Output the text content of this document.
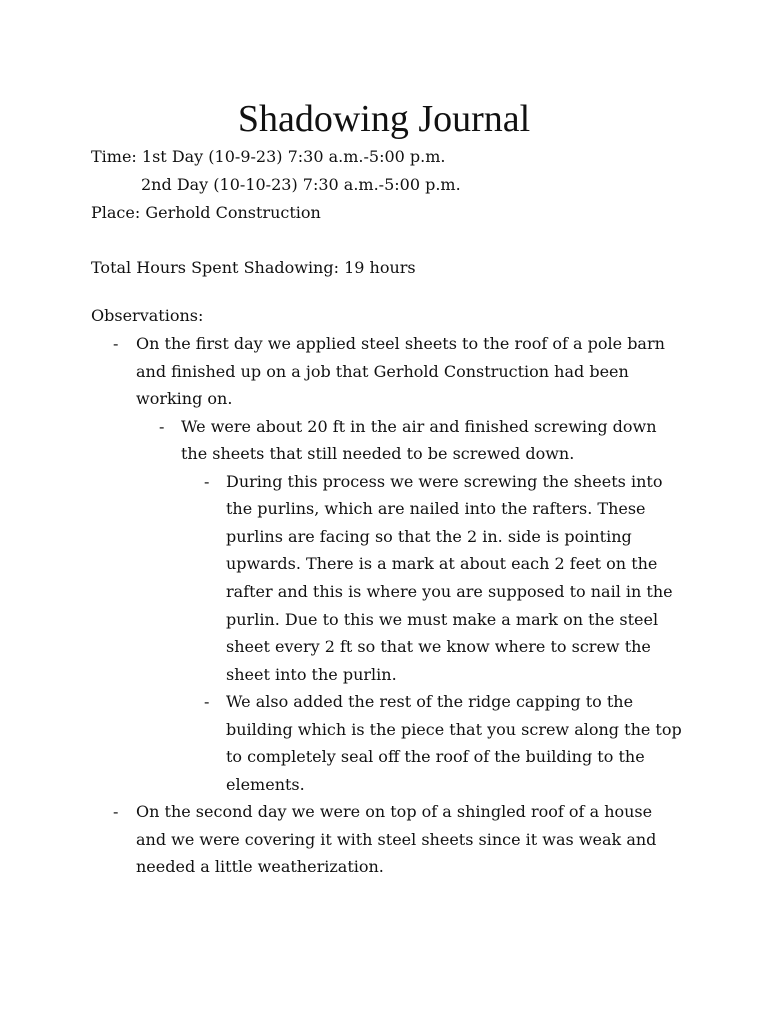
Shadowing Journal

Time: 1st Day (10-9-23) 7:30 a.m.-5:00 p.m.

2nd Day (10-10-23) 7:30 a.m.-5:00 p.m.

Place: Gerhold Construction

Total Hours Spent Shadowing: 19 hours

Observations:

- On the first day we applied steel sheets to the roof of a pole barn

and finished up on a job that Gerhold Construction had been

working on.

- We were about 20 ft in the air and finished screwing down

the sheets that still needed to be screwed down.

- During this process we were screwing the sheets into

the purlins, which are nailed into the rafters. These

purlins are facing so that the 2 in. side is pointing

upwards. There is a mark at about each 2 feet on the

rafter and this is where you are supposed to nail in the

purlin. Due to this we must make a mark on the steel

sheet every 2 ft so that we know where to screw the

sheet into the purlin.

- We also added the rest of the ridge capping to the

building which is the piece that you screw along the top

to completely seal off the roof of the building to the

elements.

- On the second day we were on top of a shingled roof of a house

and we were covering it with steel sheets since it was weak and

needed a little weatherization.
